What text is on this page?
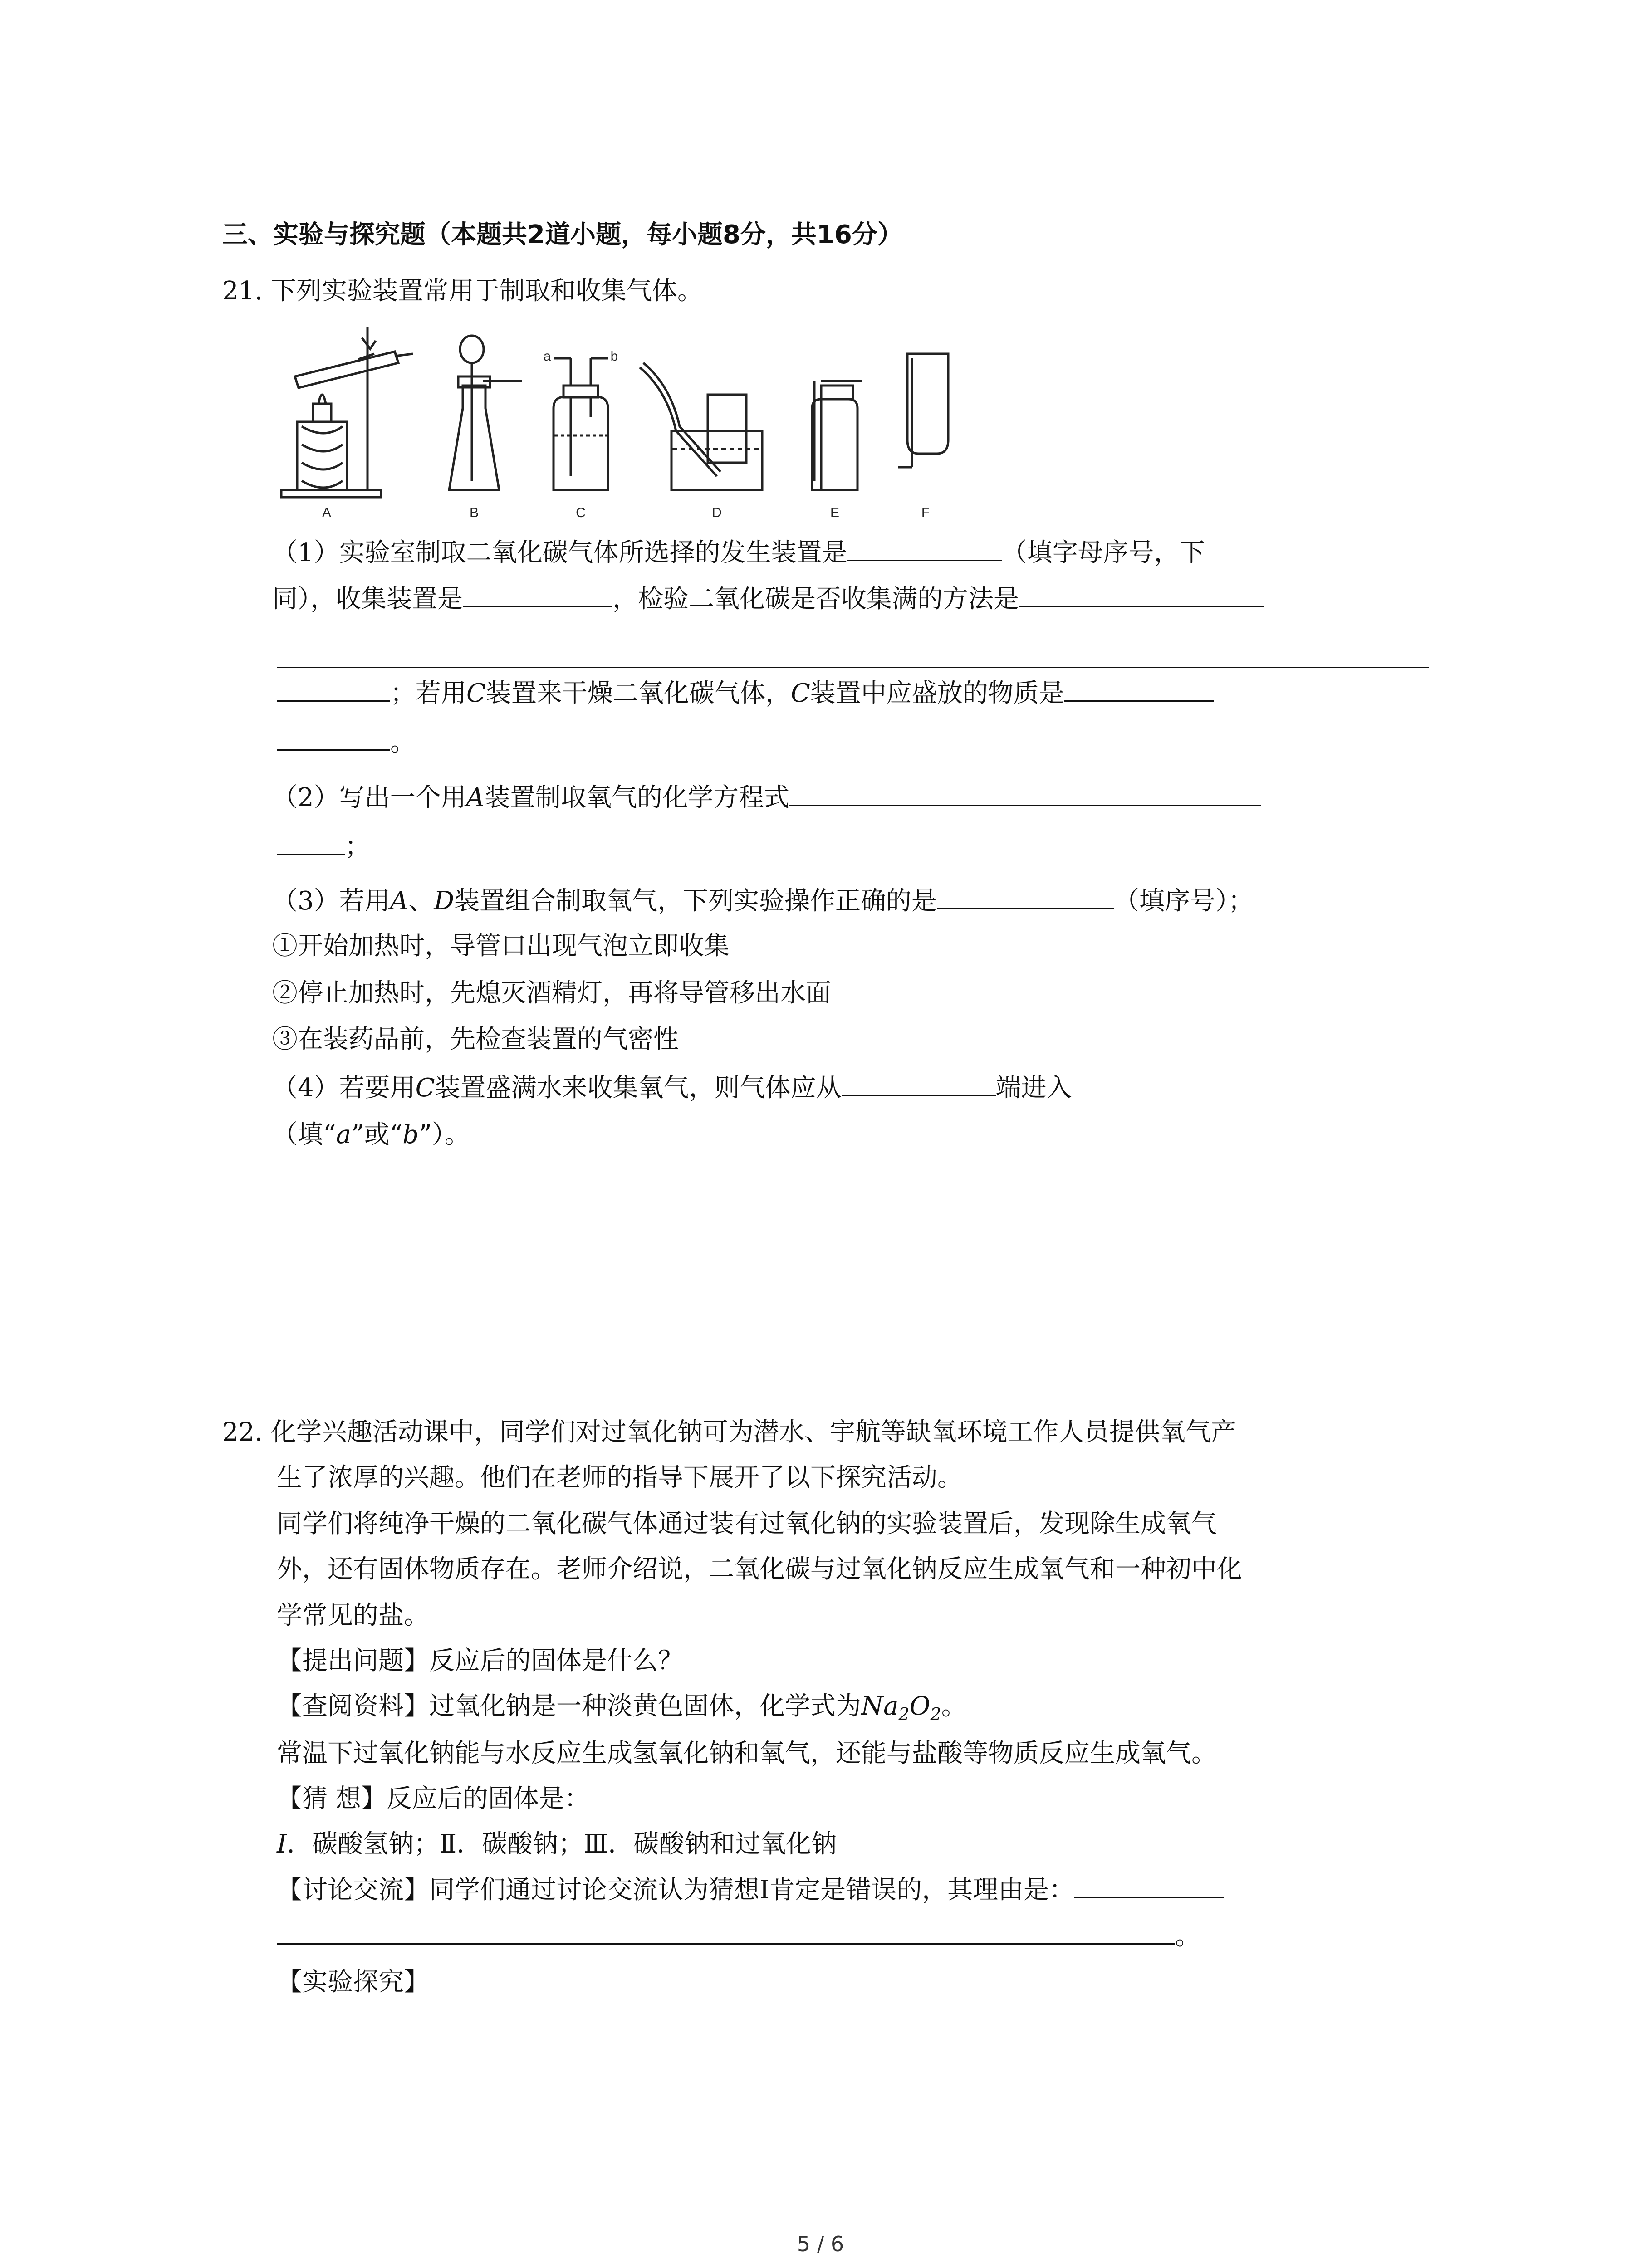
三、实验与探究题（本题共2道小题，每小题8分，共16分）
21. 下列实验装置常用于制取和收集气体。
A	B	C	D	E	F
a	b
（1）实验室制取二氧化碳气体所选择的发生装置是	（填字母序号，下
同），收集装置是	，检验二氧化碳是否收集满的方法是
；若用C装置来干燥二氧化碳气体，C装置中应盛放的物质是
。
（2）写出一个用A装置制取氧气的化学方程式
；
（3）若用A、D装置组合制取氧气，下列实验操作正确的是	（填序号）；
①开始加热时，导管口出现气泡立即收集
②停止加热时，先熄灭酒精灯，再将导管移出水面
③在装药品前，先检查装置的气密性
（4）若要用C装置盛满水来收集氧气，则气体应从	端进入
（填“a”或“b”）。
22. 化学兴趣活动课中，同学们对过氧化钠可为潜水、宇航等缺氧环境工作人员提供氧气产
生了浓厚的兴趣。他们在老师的指导下展开了以下探究活动。
同学们将纯净干燥的二氧化碳气体通过装有过氧化钠的实验装置后，发现除生成氧气
外，还有固体物质存在。老师介绍说，二氧化碳与过氧化钠反应生成氧气和一种初中化
学常见的盐。
【提出问题】反应后的固体是什么？
【查阅资料】过氧化钠是一种淡黄色固体，化学式为$Na_2O_2$。
常温下过氧化钠能与水反应生成氢氧化钠和氧气，还能与盐酸等物质反应生成氧气。
【猜 想】反应后的固体是：
I．碳酸氢钠；Ⅱ．碳酸钠；Ⅲ．碳酸钠和过氧化钠
【讨论交流】同学们通过讨论交流认为猜想Ⅰ肯定是错误的，其理由是：
。
【实验探究】
5 / 6
